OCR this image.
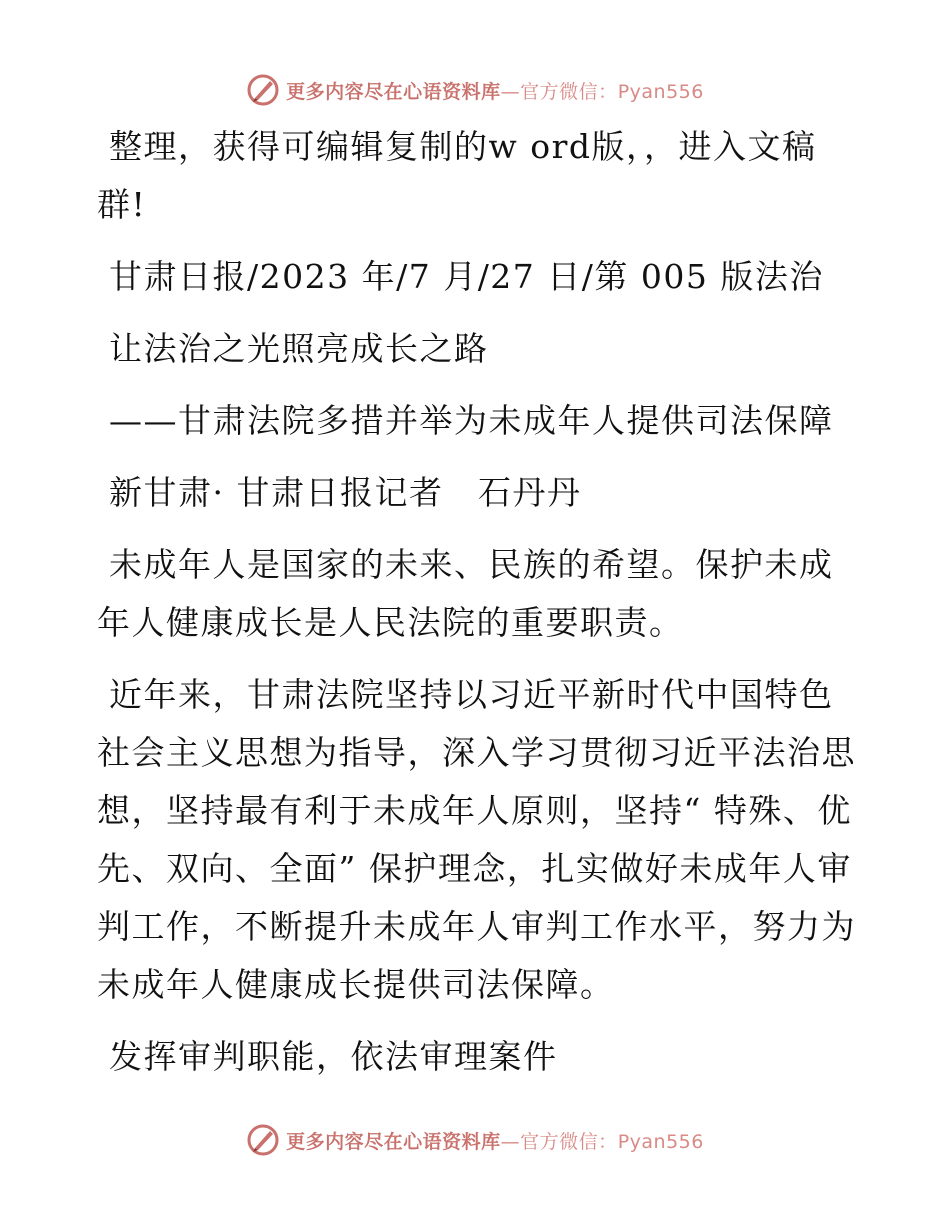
更多内容尽在心语资料库—官方微信：Pyan556

整理，获得可编辑复制的w ord版，，进入文稿群!

甘肃日报/2023 年/7 月/27 日/第 005 版法治

让法治之光照亮成长之路

——甘肃法院多措并举为未成年人提供司法保障

新甘肃· 甘肃日报记者　石丹丹

未成年人是国家的未来、民族的希望。保护未成年人健康成长是人民法院的重要职责。

近年来，甘肃法院坚持以习近平新时代中国特色社会主义思想为指导，深入学习贯彻习近平法治思想，坚持最有利于未成年人原则，坚持“ 特殊、优先、双向、全面” 保护理念，扎实做好未成年人审判工作，不断提升未成年人审判工作水平，努力为未成年人健康成长提供司法保障。

发挥审判职能，依法审理案件

更多内容尽在心语资料库—官方微信：Pyan556
